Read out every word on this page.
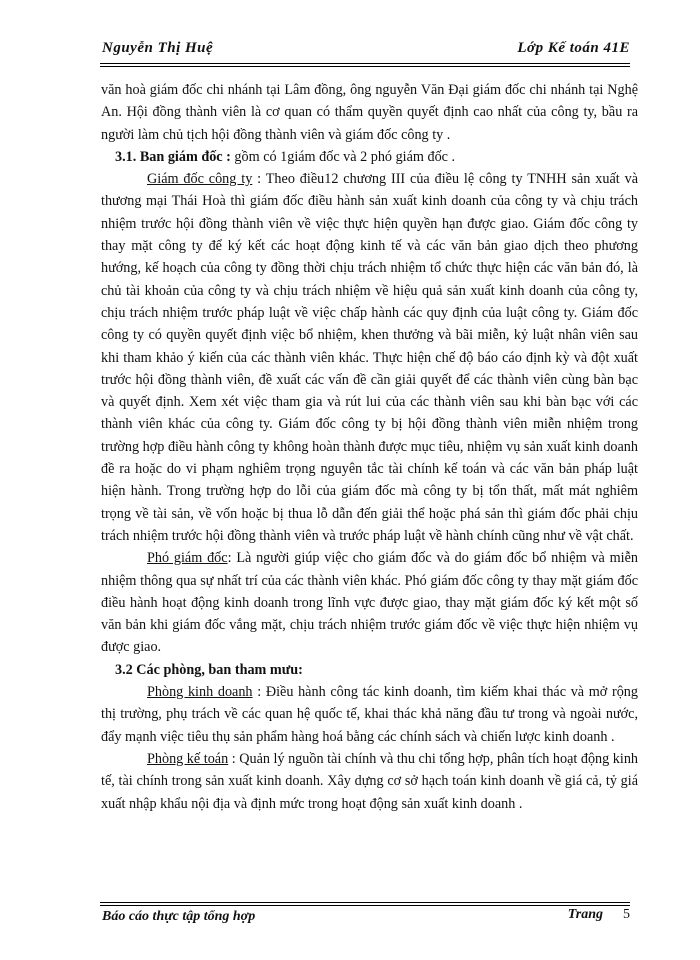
Nguyễn Thị Huệ	Lớp Kế toán 41E

văn hoà giám đốc chi nhánh tại Lâm đồng, ông nguyễn Văn Đại giám đốc chi nhánh tại Nghệ An. Hội đồng thành viên là cơ quan có thẩm quyền quyết định cao nhất của công ty, bầu ra người làm chủ tịch hội đồng thành viên và giám đốc công ty .

3.1. Ban giám đốc : gồm có 1giám đốc và 2 phó giám đốc .

Giám đốc công ty : Theo điều12 chương III của điều lệ công ty TNHH sản xuất và thương mại Thái Hoà thì giám đốc điều hành sản xuất kinh doanh của công ty và chịu trách nhiệm trước hội đồng thành viên về việc thực hiện quyền hạn được giao. Giám đốc công ty thay mặt công ty để ký kết các hoạt động kinh tế và các văn bản giao dịch theo phương hướng, kế hoạch của công ty đồng thời chịu trách nhiệm tổ chức thực hiện các văn bản đó, là chủ tài khoản của công ty và chịu trách nhiệm về hiệu quả sản xuất kinh doanh của công ty, chịu trách nhiệm trước pháp luật về việc chấp hành các quy định của luật công ty. Giám đốc công ty có quyền quyết định việc bổ nhiệm, khen thưởng và bãi miễn, kỷ luật nhân viên sau khi tham khảo ý kiến của các thành viên khác. Thực hiện chế độ báo cáo định kỳ và đột xuất trước hội đồng thành viên, đề xuất các vấn đề cần giải quyết để các thành viên cùng bàn bạc và quyết định. Xem xét việc tham gia và rút lui của các thành viên sau khi bàn bạc với các thành viên khác của công ty. Giám đốc công ty bị hội đồng thành viên miễn nhiệm trong trường hợp điều hành công ty không hoàn thành được mục tiêu, nhiệm vụ sản xuất kinh doanh đề ra hoặc do vi phạm nghiêm trọng nguyên tắc tài chính kế toán và các văn bản pháp luật hiện hành. Trong trường hợp do lỗi của giám đốc mà công ty bị tổn thất, mất mát nghiêm trọng về tài sản, về vốn hoặc bị thua lỗ dẫn đến giải thể hoặc phá sản thì giám đốc phải chịu trách nhiệm trước hội đồng thành viên và trước pháp luật về hành chính cũng như về vật chất.

Phó giám đốc: Là người giúp việc cho giám đốc và do giám đốc bổ nhiệm và miễn nhiệm thông qua sự nhất trí của các thành viên khác. Phó giám đốc công ty thay mặt giám đốc điều hành hoạt động kinh doanh trong lĩnh vực được giao, thay mặt giám đốc ký kết một số văn bản khi giám đốc vắng mặt, chịu trách nhiệm trước giám đốc về việc thực hiện nhiệm vụ được giao.

3.2 Các phòng, ban tham mưu:

Phòng kinh doanh : Điều hành công tác kinh doanh, tìm kiếm khai thác và mở rộng thị trường, phụ trách về các quan hệ quốc tế, khai thác khả năng đầu tư trong và ngoài nước, đẩy mạnh việc tiêu thụ sản phẩm hàng hoá bằng các chính sách và chiến lược kinh doanh .

Phòng kế toán : Quản lý nguồn tài chính và thu chi tổng hợp, phân tích hoạt động kinh tế, tài chính trong sản xuất kinh doanh. Xây dựng cơ sở hạch toán kinh doanh về giá cả, tỷ giá xuất nhập khẩu nội địa và định mức trong hoạt động sản xuất kinh doanh .

Báo cáo thực tập tổng hợp	Trang 5
